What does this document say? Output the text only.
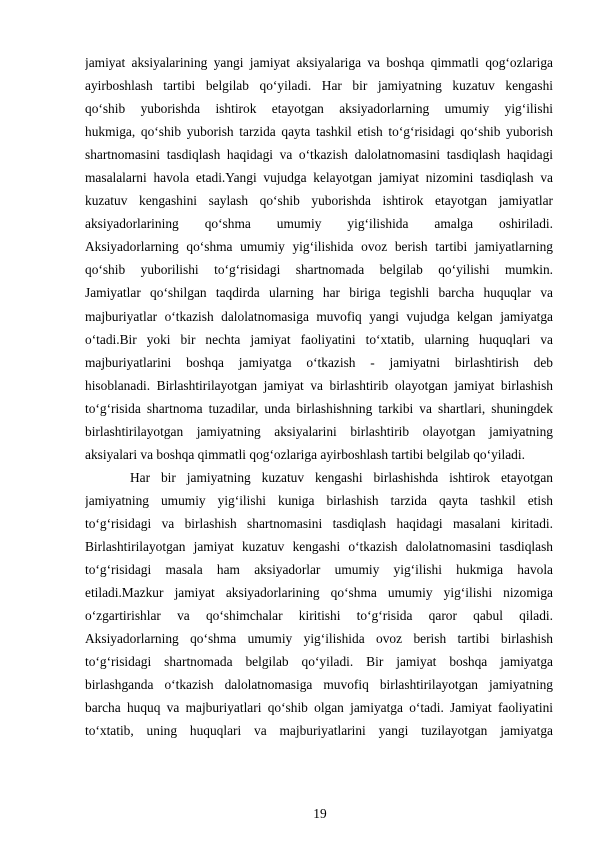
jamiyat aksiyalarining yangi jamiyat aksiyalariga va boshqa qimmatli qog‘ozlariga
ayirboshlash tartibi belgilab qo‘yiladi. Har bir jamiyatning kuzatuv kengashi
qo‘shib yuborishda ishtirok etayotgan aksiyadorlarning umumiy yig‘ilishi
hukmiga, qo‘shib yuborish tarzida qayta tashkil etish to‘g‘risidagi qo‘shib yuborish
shartnomasini tasdiqlash haqidagi va o‘tkazish dalolatnomasini tasdiqlash haqidagi
masalalarni havola etadi.Yangi vujudga kelayotgan jamiyat nizomini tasdiqlash va
kuzatuv kengashini saylash qo‘shib yuborishda ishtirok etayotgan jamiyatlar
aksiyadorlarining qo‘shma umumiy yig‘ilishida amalga oshiriladi.
Aksiyadorlarning qo‘shma umumiy yig‘ilishida ovoz berish tartibi jamiyatlarning
qo‘shib yuborilishi to‘g‘risidagi shartnomada belgilab qo‘yilishi mumkin.
Jamiyatlar qo‘shilgan taqdirda ularning har biriga tegishli barcha huquqlar va
majburiyatlar o‘tkazish dalolatnomasiga muvofiq yangi vujudga kelgan jamiyatga
o‘tadi.Bir yoki bir nechta jamiyat faoliyatini to‘xtatib, ularning huquqlari va
majburiyatlarini boshqa jamiyatga o‘tkazish - jamiyatni birlashtirish deb
hisoblanadi. Birlashtirilayotgan jamiyat va birlashtirib olayotgan jamiyat birlashish
to‘g‘risida shartnoma tuzadilar, unda birlashishning tarkibi va shartlari, shuningdek
birlashtirilayotgan jamiyatning aksiyalarini birlashtirib olayotgan jamiyatning
aksiyalari va boshqa qimmatli qog‘ozlariga ayirboshlash tartibi belgilab qo‘yiladi.
Har bir jamiyatning kuzatuv kengashi birlashishda ishtirok etayotgan
jamiyatning umumiy yig‘ilishi kuniga birlashish tarzida qayta tashkil etish
to‘g‘risidagi va birlashish shartnomasini tasdiqlash haqidagi masalani kiritadi.
Birlashtirilayotgan jamiyat kuzatuv kengashi o‘tkazish dalolatnomasini tasdiqlash
to‘g‘risidagi masala ham aksiyadorlar umumiy yig‘ilishi hukmiga havola
etiladi.Mazkur jamiyat aksiyadorlarining qo‘shma umumiy yig‘ilishi nizomiga
o‘zgartirishlar va qo‘shimchalar kiritishi to‘g‘risida qaror qabul qiladi.
Aksiyadorlarning qo‘shma umumiy yig‘ilishida ovoz berish tartibi birlashish
to‘g‘risidagi shartnomada belgilab qo‘yiladi. Bir jamiyat boshqa jamiyatga
birlashganda o‘tkazish dalolatnomasiga muvofiq birlashtirilayotgan jamiyatning
barcha huquq va majburiyatlari qo‘shib olgan jamiyatga o‘tadi. Jamiyat faoliyatini
to‘xtatib, uning huquqlari va majburiyatlarini yangi tuzilayotgan jamiyatga
19
